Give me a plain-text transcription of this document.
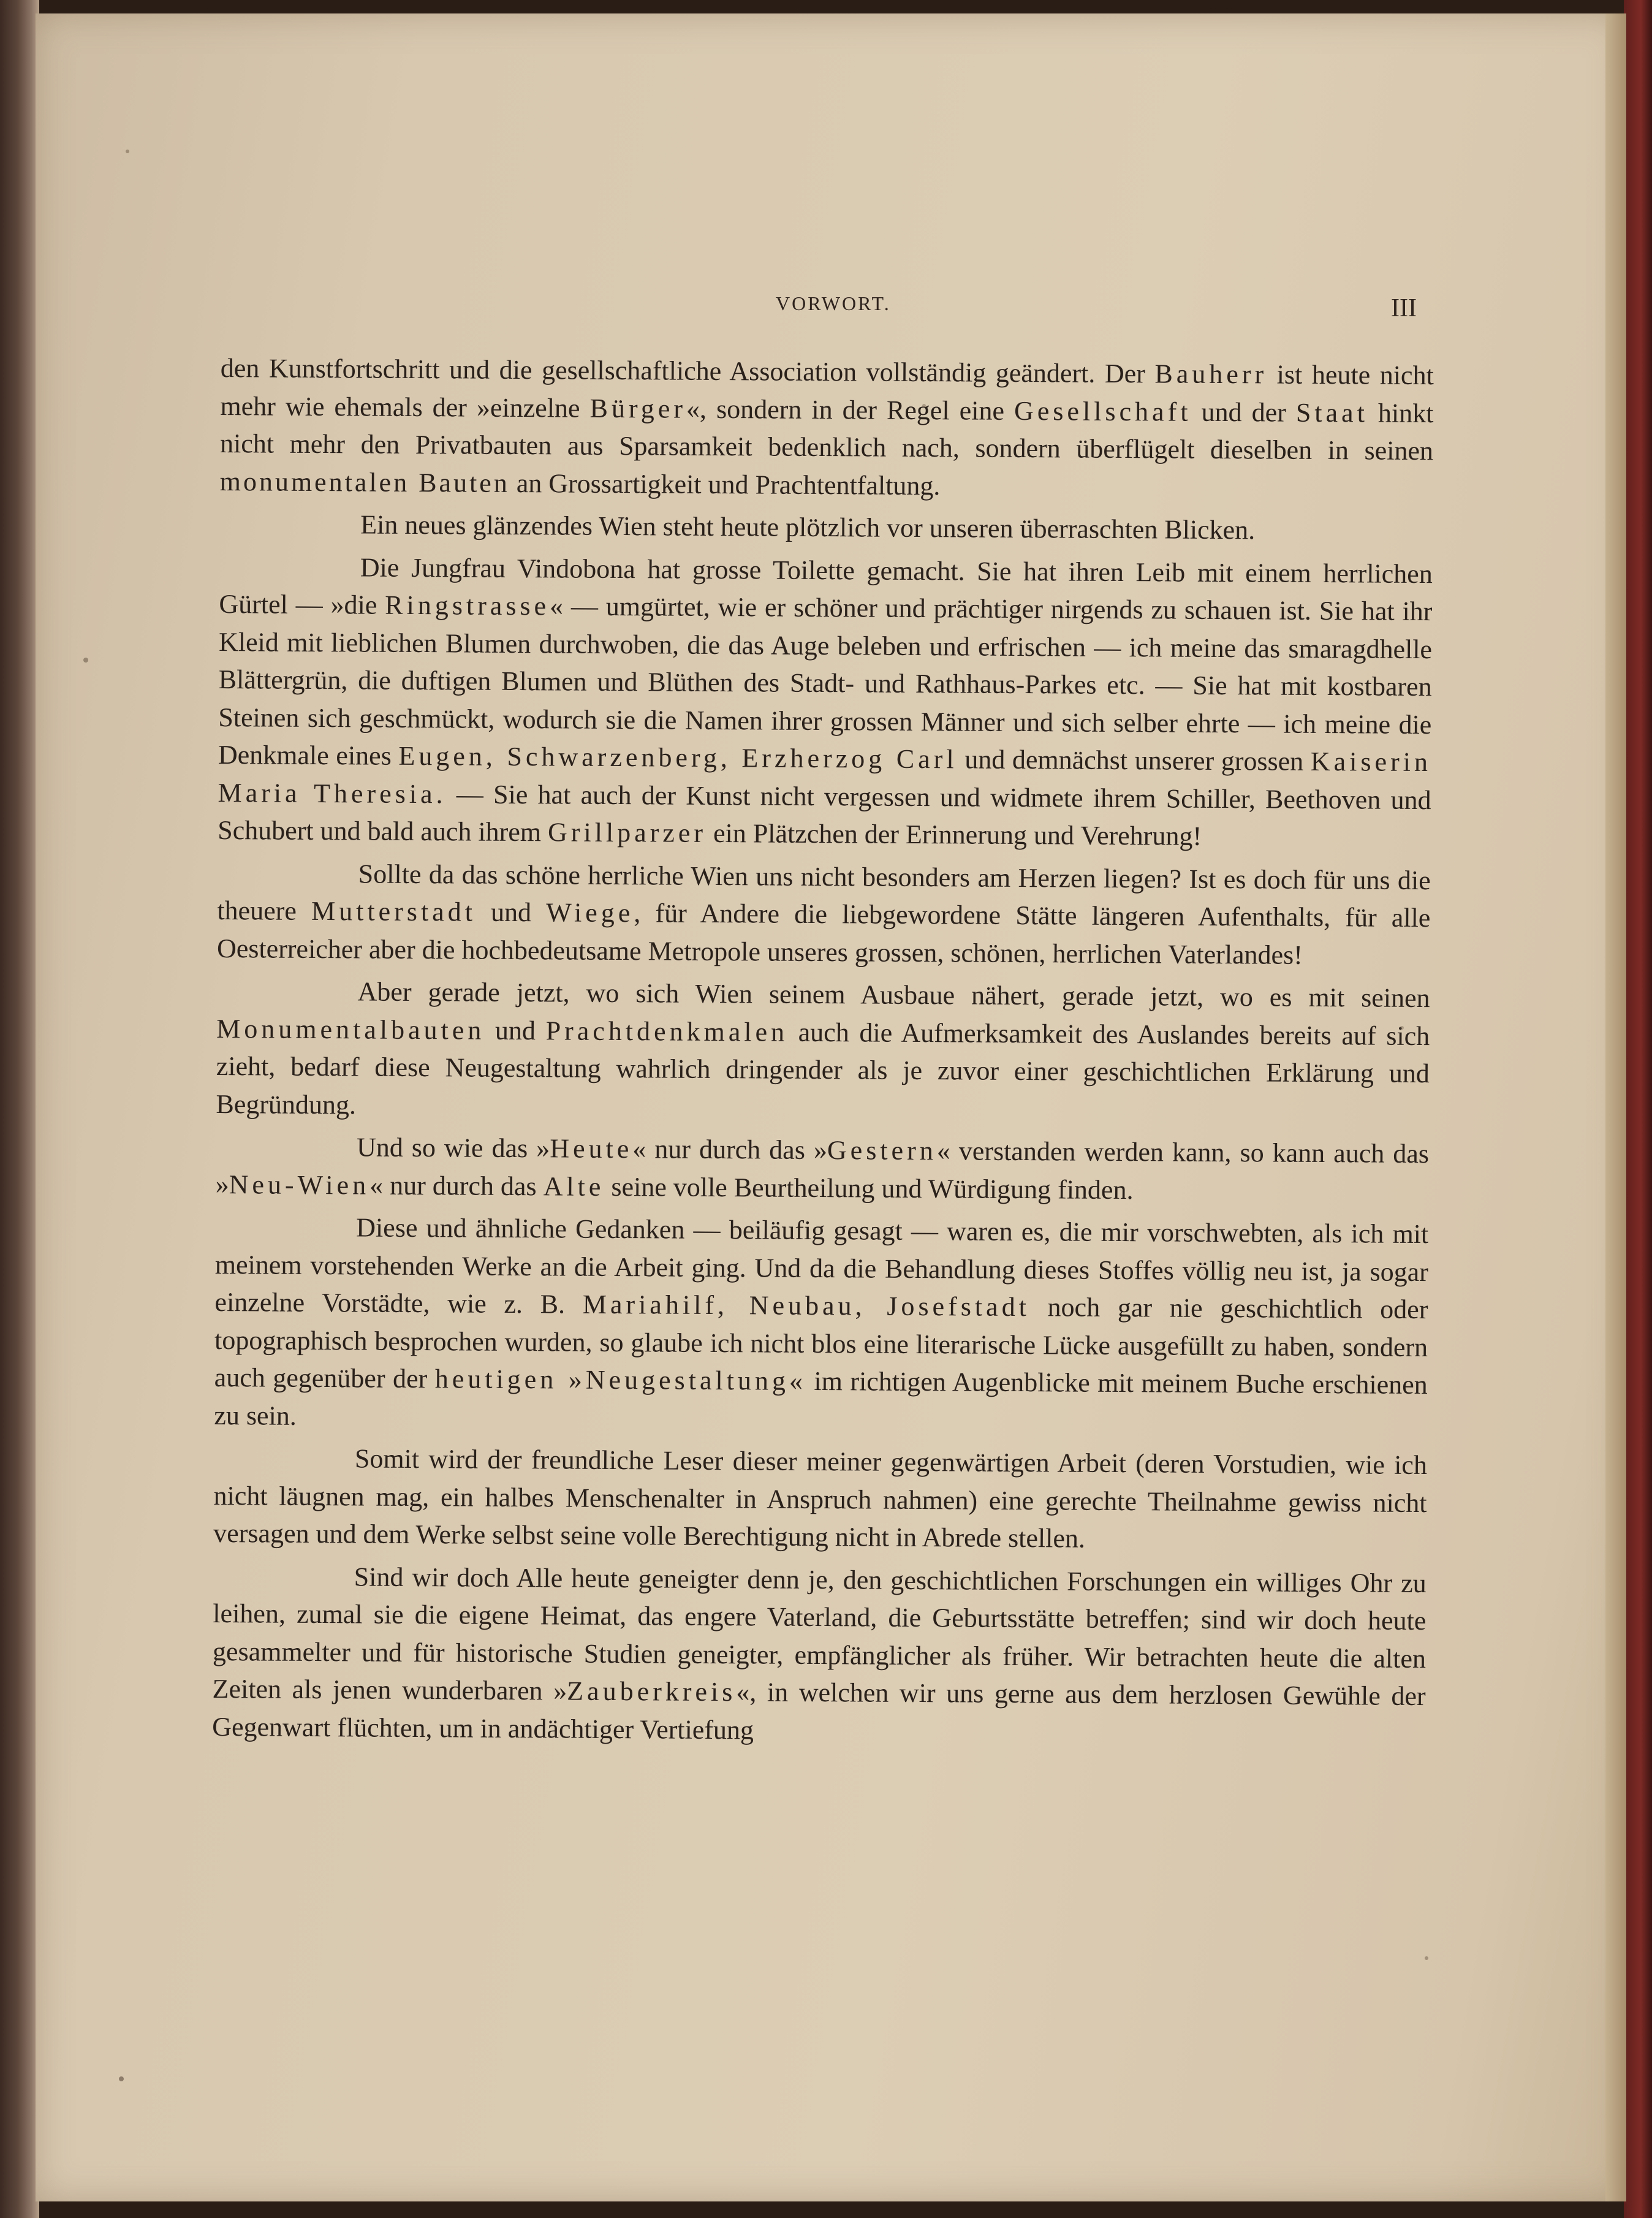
VORWORT.	III

den Kunstfortschritt und die gesellschaftliche Association vollständig geändert. Der Bauherr ist heute nicht mehr wie ehemals der »einzelne Bürger«, sondern in der Regel eine Gesellschaft und der Staat hinkt nicht mehr den Privatbauten aus Sparsamkeit bedenklich nach, sondern überflügelt dieselben in seinen monumentalen Bauten an Grossartigkeit und Prachtentfaltung.

Ein neues glänzendes Wien steht heute plötzlich vor unseren überraschten Blicken.

Die Jungfrau Vindobona hat grosse Toilette gemacht. Sie hat ihren Leib mit einem herrlichen Gürtel — »die Ringstrasse« — umgürtet, wie er schöner und prächtiger nirgends zu schauen ist. Sie hat ihr Kleid mit lieblichen Blumen durchwoben, die das Auge beleben und erfrischen — ich meine das smaragdhelle Blättergrün, die duftigen Blumen und Blüthen des Stadt- und Rathhaus-Parkes etc. — Sie hat mit kostbaren Steinen sich geschmückt, wodurch sie die Namen ihrer grossen Männer und sich selber ehrte — ich meine die Denkmale eines Eugen, Schwarzenberg, Erzherzog Carl und demnächst unserer grossen Kaiserin Maria Theresia. — Sie hat auch der Kunst nicht vergessen und widmete ihrem Schiller, Beethoven und Schubert und bald auch ihrem Grillparzer ein Plätzchen der Erinnerung und Verehrung!

Sollte da das schöne herrliche Wien uns nicht besonders am Herzen liegen? Ist es doch für uns die theuere Mutterstadt und Wiege, für Andere die liebgewordene Stätte längeren Aufenthalts, für alle Oesterreicher aber die hochbedeutsame Metropole unseres grossen, schönen, herrlichen Vaterlandes!

Aber gerade jetzt, wo sich Wien seinem Ausbaue nähert, gerade jetzt, wo es mit seinen Monumentalbauten und Prachtdenkmalen auch die Aufmerksamkeit des Auslandes bereits auf sich zieht, bedarf diese Neugestaltung wahrlich dringender als je zuvor einer geschichtlichen Erklärung und Begründung.

Und so wie das »Heute« nur durch das »Gestern« verstanden werden kann, so kann auch das »Neu-Wien« nur durch das Alte seine volle Beurtheilung und Würdigung finden.

Diese und ähnliche Gedanken — beiläufig gesagt — waren es, die mir vorschwebten, als ich mit meinem vorstehenden Werke an die Arbeit ging. Und da die Behandlung dieses Stoffes völlig neu ist, ja sogar einzelne Vorstädte, wie z. B. Mariahilf, Neubau, Josefstadt noch gar nie geschichtlich oder topographisch besprochen wurden, so glaube ich nicht blos eine literarische Lücke ausgefüllt zu haben, sondern auch gegenüber der heutigen »Neugestaltung« im richtigen Augenblicke mit meinem Buche erschienen zu sein.

Somit wird der freundliche Leser dieser meiner gegenwärtigen Arbeit (deren Vorstudien, wie ich nicht läugnen mag, ein halbes Menschenalter in Anspruch nahmen) eine gerechte Theilnahme gewiss nicht versagen und dem Werke selbst seine volle Berechtigung nicht in Abrede stellen.

Sind wir doch Alle heute geneigter denn je, den geschichtlichen Forschungen ein williges Ohr zu leihen, zumal sie die eigene Heimat, das engere Vaterland, die Geburtsstätte betreffen; sind wir doch heute gesammelter und für historische Studien geneigter, empfänglicher als früher. Wir betrachten heute die alten Zeiten als jenen wunderbaren »Zauberkreis«, in welchen wir uns gerne aus dem herzlosen Gewühle der Gegenwart flüchten, um in andächtiger Vertiefung
